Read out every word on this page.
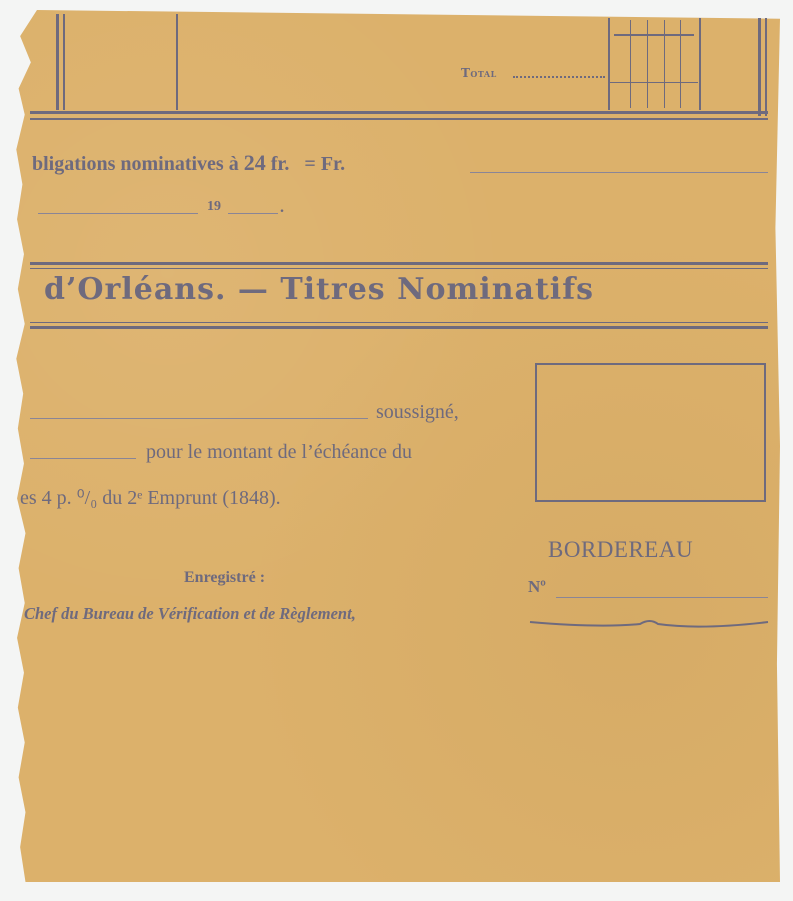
Total
bligations nominatives à 24 fr. = Fr.
19	.
d’Orléans. — Titres Nominatifs
soussigné,
pour le montant de l’échéance du
es 4 p. ⁰/₀ du 2ᵉ Emprunt (1848).
Enregistré :
Chef du Bureau de Vérification et de Règlement,
BORDEREAU
Nº
